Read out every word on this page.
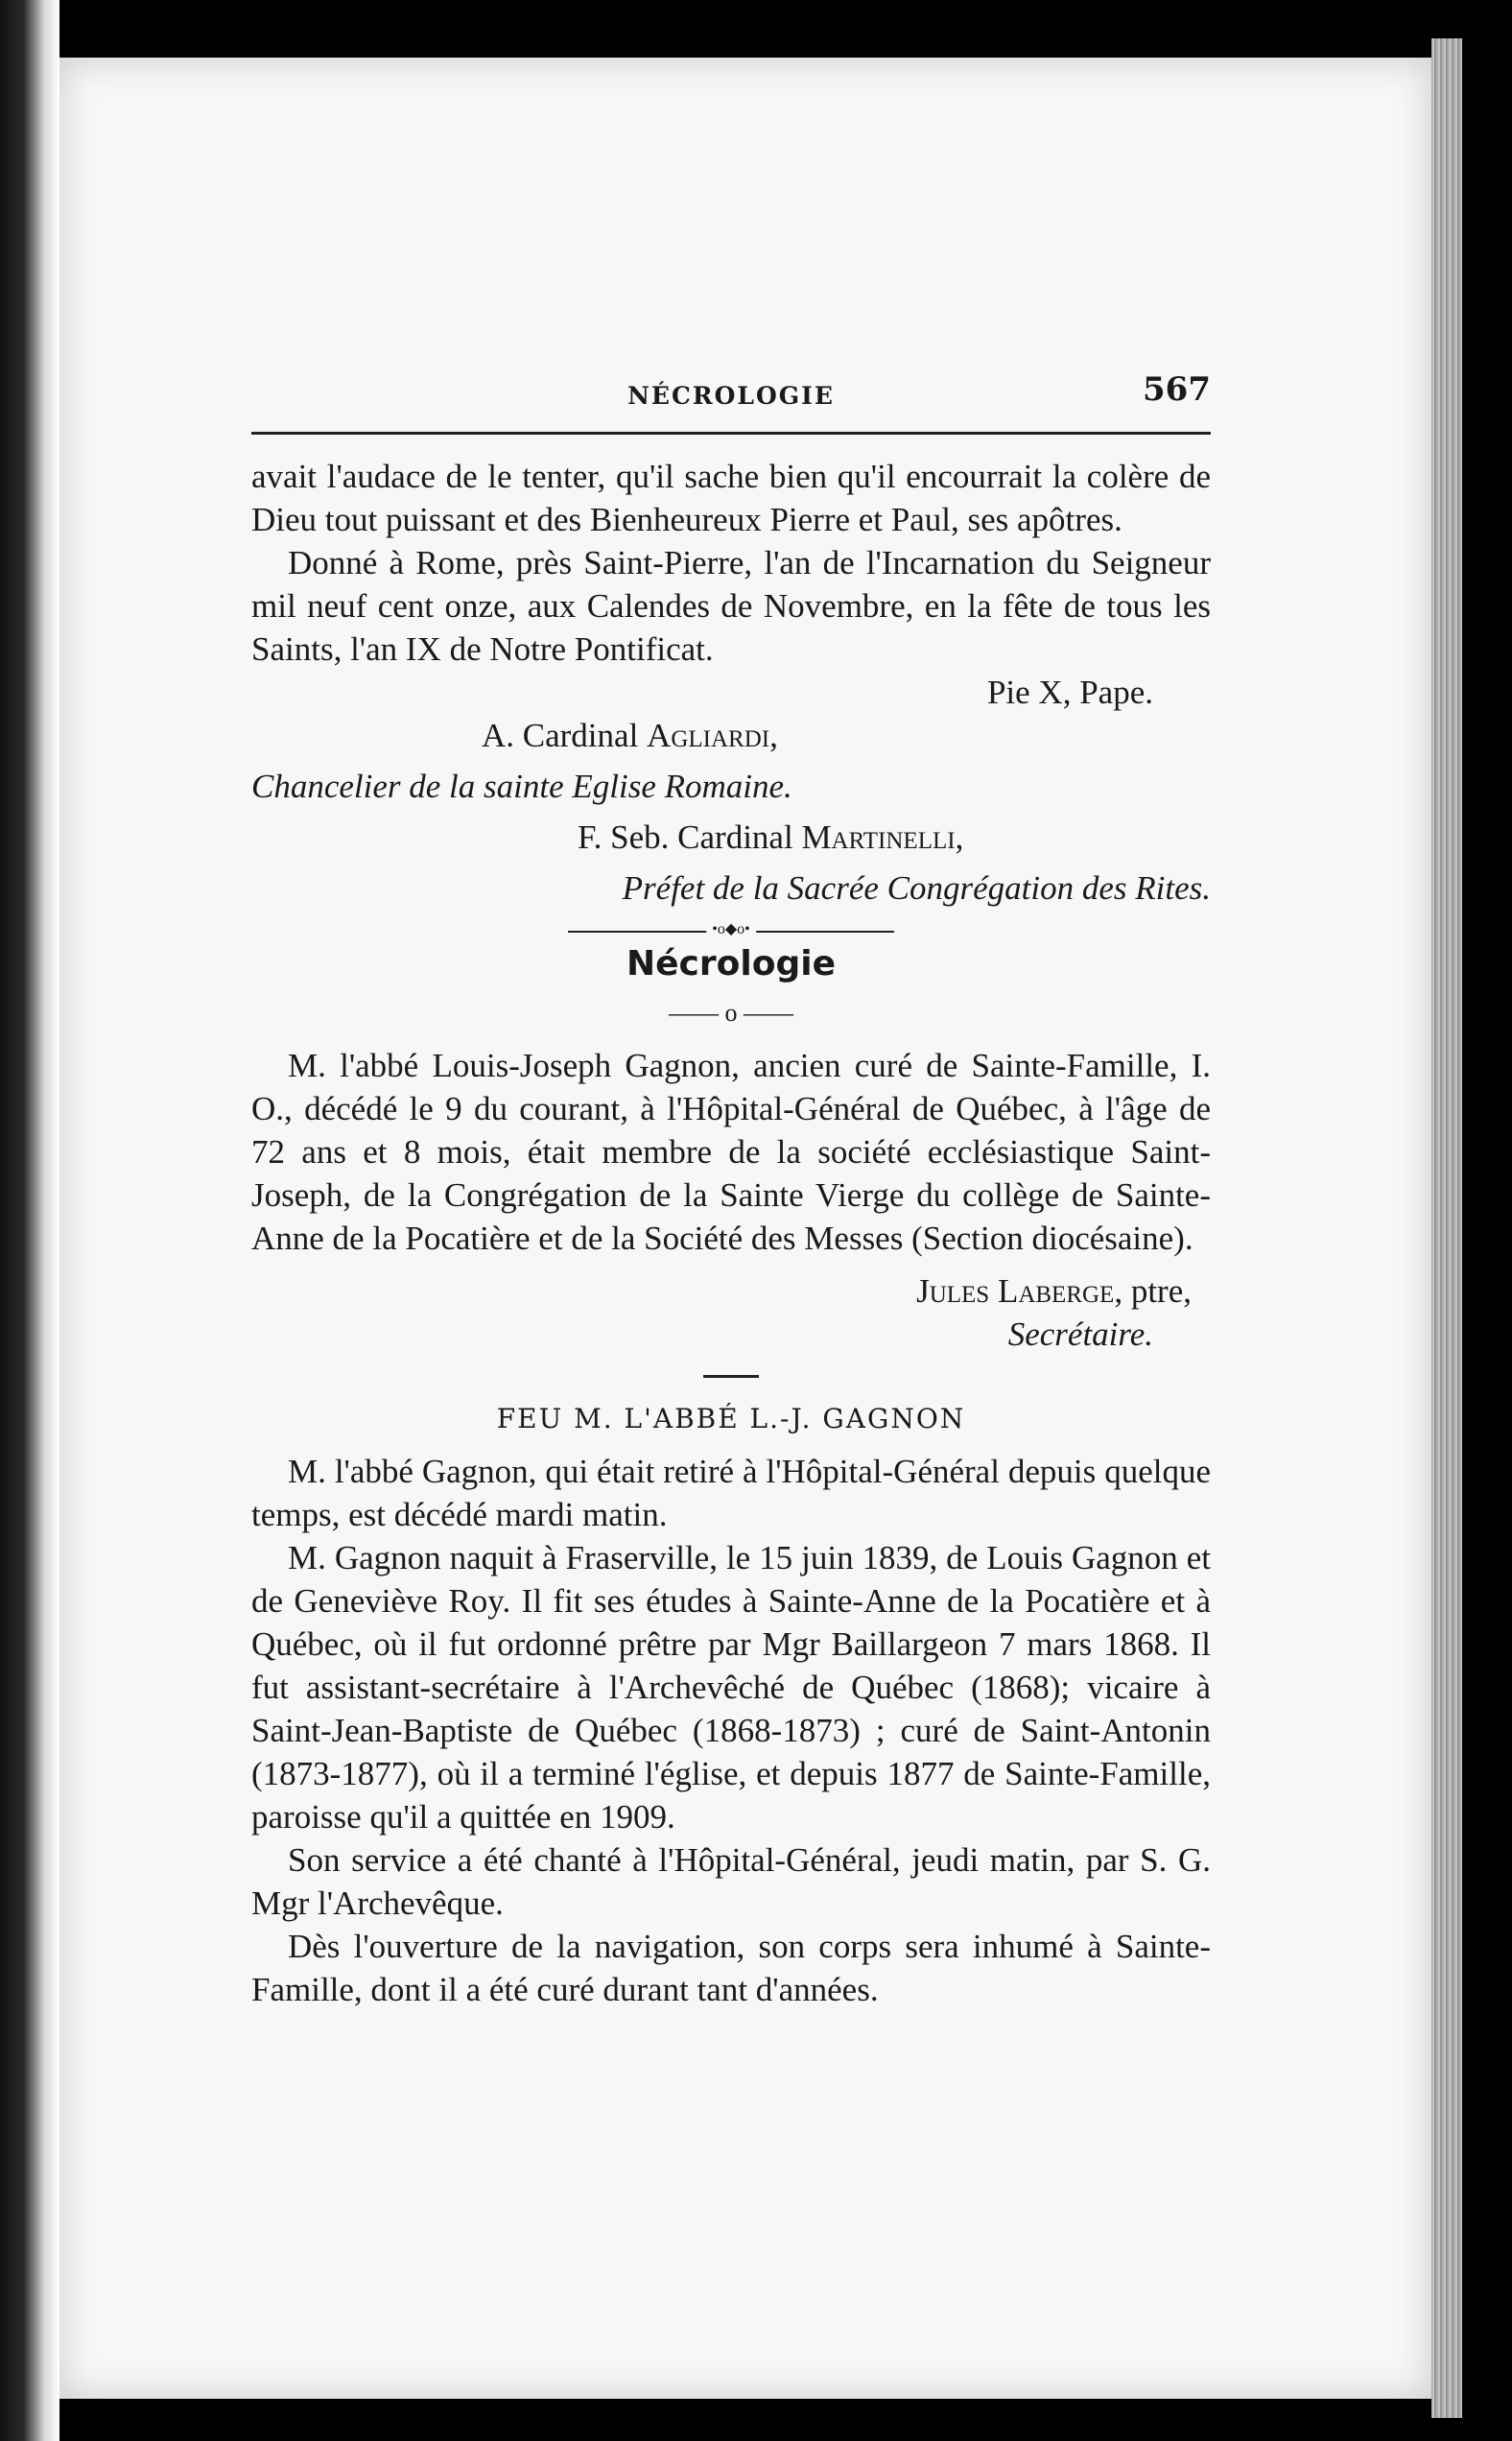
NÉCROLOGIE	567

avait l'audace de le tenter, qu'il sache bien qu'il encourrait la colère de Dieu tout puissant et des Bienheureux Pierre et Paul, ses apôtres.

Donné à Rome, près Saint-Pierre, l'an de l'Incarnation du Seigneur mil neuf cent onze, aux Calendes de Novembre, en la fête de tous les Saints, l'an IX de Notre Pontificat.

Pie X, Pape.

A. Cardinal Agliardi,

Chancelier de la sainte Eglise Romaine.

F. Seb. Cardinal Martinelli,

Préfet de la Sacrée Congrégation des Rites.

•o◆o•
Nécrologie
—— o ——

M. l'abbé Louis-Joseph Gagnon, ancien curé de Sainte-Famille, I. O., décédé le 9 du courant, à l'Hôpital-Général de Québec, à l'âge de 72 ans et 8 mois, était membre de la société ecclésiastique Saint-Joseph, de la Congrégation de la Sainte Vierge du collège de Sainte-Anne de la Pocatière et de la Société des Messes (Section diocésaine).

Jules Laberge, ptre,

Secrétaire.

FEU M. L'ABBÉ L.-J. GAGNON

M. l'abbé Gagnon, qui était retiré à l'Hôpital-Général depuis quelque temps, est décédé mardi matin.

M. Gagnon naquit à Fraserville, le 15 juin 1839, de Louis Gagnon et de Geneviève Roy. Il fit ses études à Sainte-Anne de la Pocatière et à Québec, où il fut ordonné prêtre par Mgr Baillargeon 7 mars 1868. Il fut assistant-secrétaire à l'Archevêché de Québec (1868); vicaire à Saint-Jean-Baptiste de Québec (1868-1873) ; curé de Saint-Antonin (1873-1877), où il a terminé l'église, et depuis 1877 de Sainte-Famille, paroisse qu'il a quittée en 1909.

Son service a été chanté à l'Hôpital-Général, jeudi matin, par S. G. Mgr l'Archevêque.

Dès l'ouverture de la navigation, son corps sera inhumé à Sainte-Famille, dont il a été curé durant tant d'années.
